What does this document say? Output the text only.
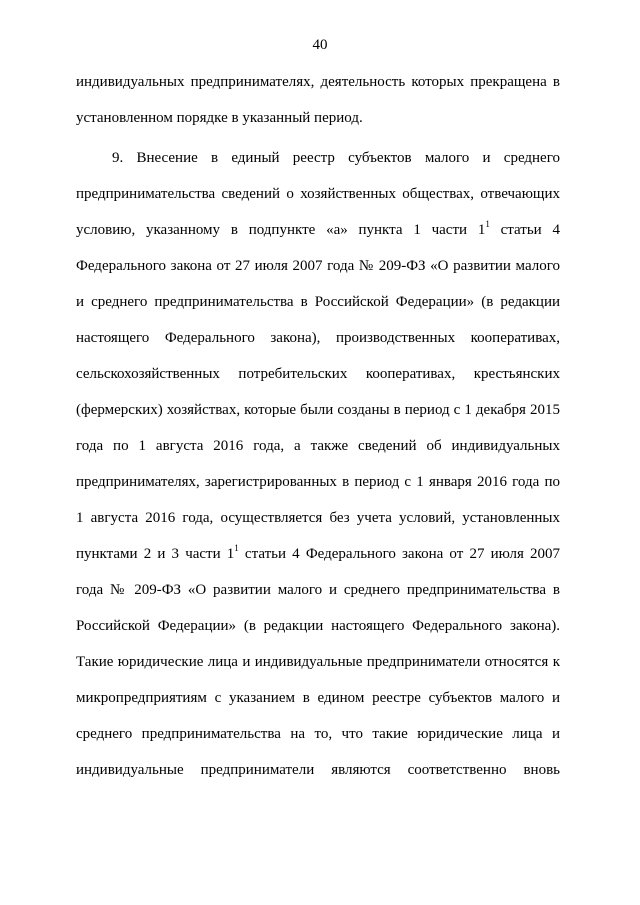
40
индивидуальных предпринимателях, деятельность которых прекращена в
установленном порядке в указанный период.
9. Внесение в единый реестр субъектов малого и среднего
предпринимательства сведений о хозяйственных обществах, отвечающих
условию, указанному в подпункте «а» пункта 1 части $1^1$ статьи 4
Федерального закона от 27 июля 2007 года № 209-ФЗ «О развитии малого
и среднего предпринимательства в Российской Федерации» (в редакции
настоящего Федерального закона), производственных кооперативах,
сельскохозяйственных потребительских кооперативах, крестьянских
(фермерских) хозяйствах, которые были созданы в период с 1 декабря 2015
года по 1 августа 2016 года, а также сведений об индивидуальных
предпринимателях, зарегистрированных в период с 1 января 2016 года по
1 августа 2016 года, осуществляется без учета условий, установленных
пунктами 2 и 3 части $1^1$ статьи 4 Федерального закона от 27 июля 2007
года № 209-ФЗ «О развитии малого и среднего предпринимательства в
Российской Федерации» (в редакции настоящего Федерального закона).
Такие юридические лица и индивидуальные предприниматели относятся к
микропредприятиям с указанием в едином реестре субъектов малого и
среднего предпринимательства на то, что такие юридические лица и
индивидуальные предприниматели являются соответственно вновь
